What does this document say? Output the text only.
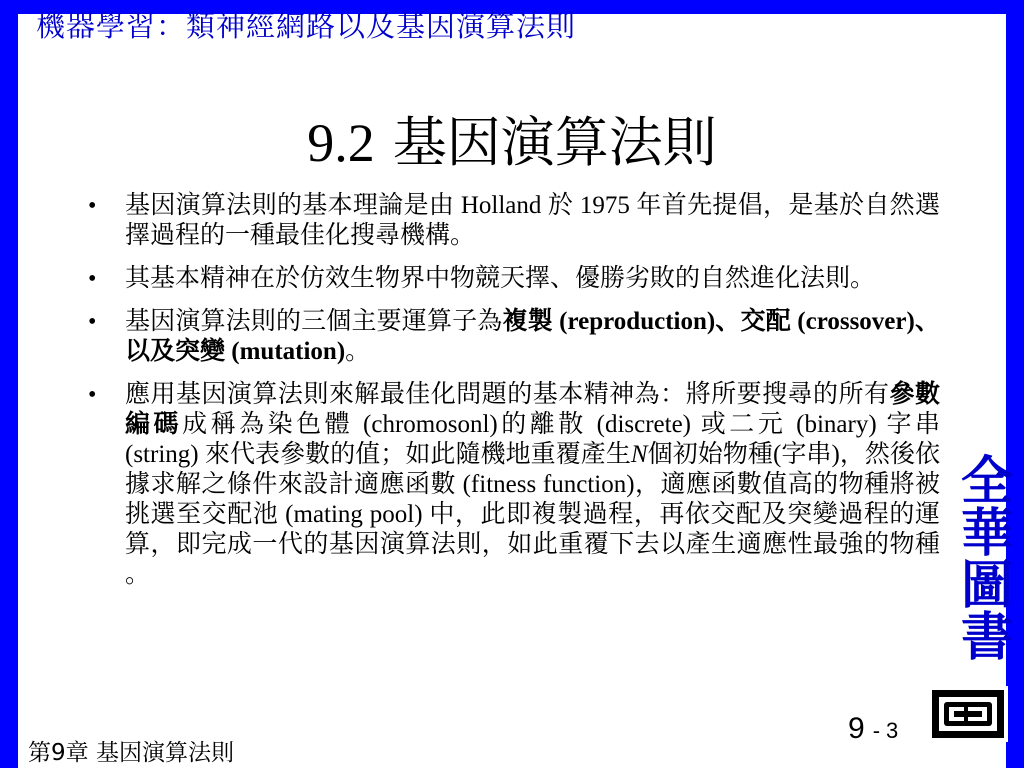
機器學習：類神經網路以及基因演算法則
9.2 基因演算法則
• 基因演算法則的基本理論是由 Holland 於 1975 年首先提倡，是基於自然選擇過程的一種最佳化搜尋機構。
• 其基本精神在於仿效生物界中物競天擇、優勝劣敗的自然進化法則。
• 基因演算法則的三個主要運算子為複製 (reproduction)、交配 (crossover)、以及突變 (mutation)。
• 應用基因演算法則來解最佳化問題的基本精神為：將所要搜尋的所有參數編碼成稱為染色體 (chromosonl)的離散 (discrete) 或二元 (binary) 字串 (string) 來代表參數的值；如此隨機地重覆產生N個初始物種(字串)，然後依據求解之條件來設計適應函數 (fitness function)，適應函數值高的物種將被挑選至交配池 (mating pool) 中，此即複製過程，再依交配及突變過程的運算，即完成一代的基因演算法則，如此重覆下去以產生適應性最強的物種 。
全
華
圖
書
9 - 3
第9章 基因演算法則
